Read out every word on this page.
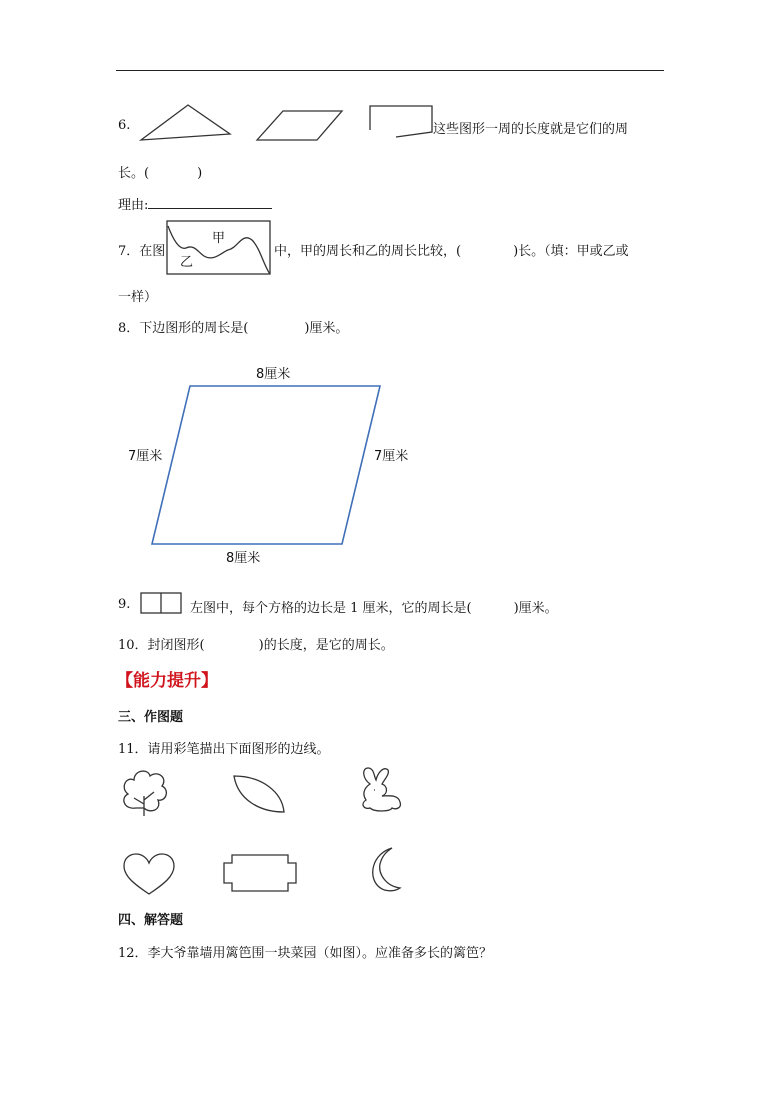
6.	这些图形一周的长度就是它们的周
长。(	)
理由:
7．在图
甲
乙
中，甲的周长和乙的周长比较，(	)长。（填：甲或乙或
一样）
8．下边图形的周长是(	)厘米。
8厘米
8厘米
7厘米	7厘米
9.	左图中，每个方格的边长是 1 厘米，它的周长是(	)厘米。
10．封闭图形(	)的长度，是它的周长。
【能力提升】
三、作图题
11．请用彩笔描出下面图形的边线。
四、解答题
12．李大爷靠墙用篱笆围一块菜园（如图）。应准备多长的篱笆？
